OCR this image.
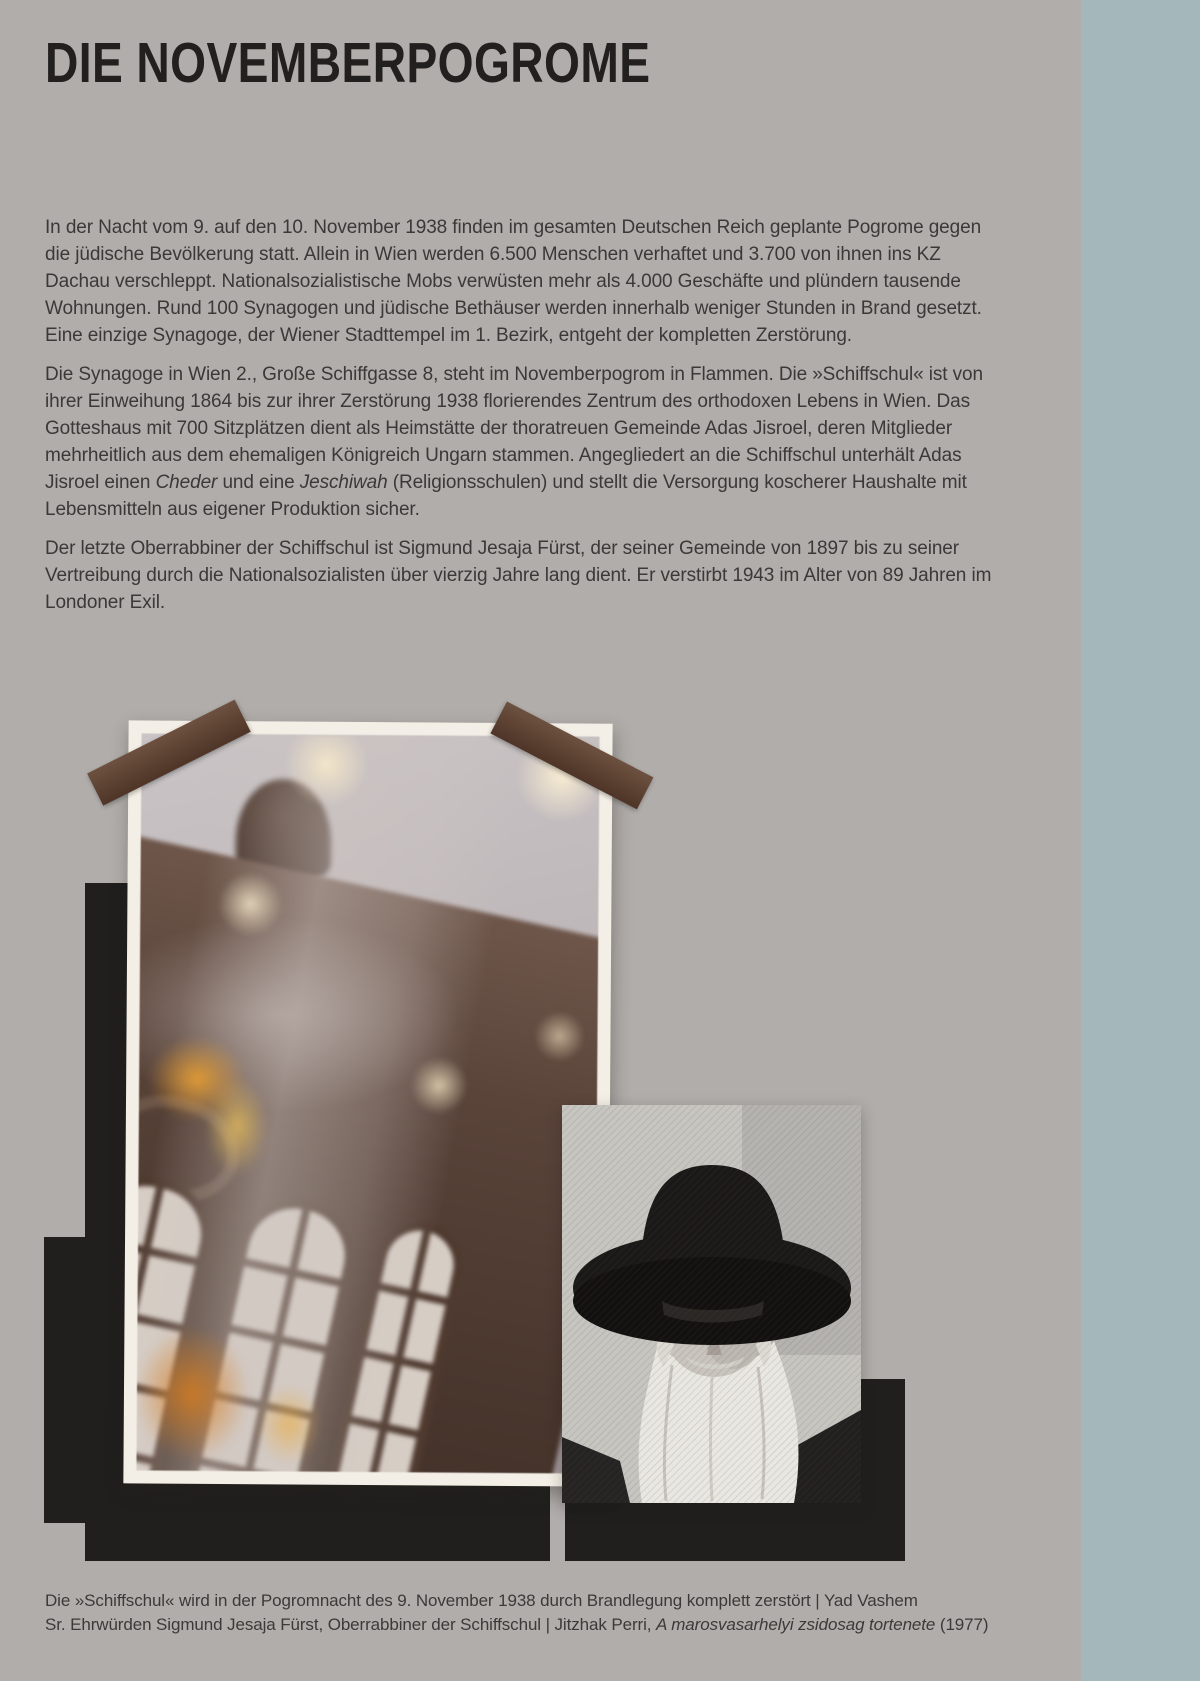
DIE NOVEMBERPOGROME

In der Nacht vom 9. auf den 10. November 1938 finden im gesamten Deutschen Reich geplante Pogrome gegen die jüdische Bevölkerung statt. Allein in Wien werden 6.500 Menschen verhaftet und 3.700 von ihnen ins KZ Dachau verschleppt. Nationalsozialistische Mobs verwüsten mehr als 4.000 Geschäfte und plündern tausende Wohnungen. Rund 100 Synagogen und jüdische Bethäuser werden innerhalb weniger Stunden in Brand gesetzt. Eine einzige Synagoge, der Wiener Stadttempel im 1. Bezirk, entgeht der kompletten Zerstörung.

Die Synagoge in Wien 2., Große Schiffgasse 8, steht im Novemberpogrom in Flammen. Die »Schiffschul« ist von ihrer Einweihung 1864 bis zur ihrer Zerstörung 1938 florierendes Zentrum des orthodoxen Lebens in Wien. Das Gotteshaus mit 700 Sitzplätzen dient als Heimstätte der thoratreuen Gemeinde Adas Jisroel, deren Mitglieder mehrheitlich aus dem ehemaligen Königreich Ungarn stammen. Angegliedert an die Schiffschul unterhält Adas Jisroel einen Cheder und eine Jeschiwah (Religionsschulen) und stellt die Versorgung koscherer Haushalte mit Lebensmitteln aus eigener Produktion sicher.

Der letzte Oberrabbiner der Schiffschul ist Sigmund Jesaja Fürst, der seiner Gemeinde von 1897 bis zu seiner Vertreibung durch die Nationalsozialisten über vierzig Jahre lang dient. Er verstirbt 1943 im Alter von 89 Jahren im Londoner Exil.

Die »Schiffschul« wird in der Pogromnacht des 9. November 1938 durch Brandlegung komplett zerstört | Yad Vashem

Sr. Ehrwürden Sigmund Jesaja Fürst, Oberrabbiner der Schiffschul | Jitzhak Perri, A marosvasarhelyi zsidosag tortenete (1977)
